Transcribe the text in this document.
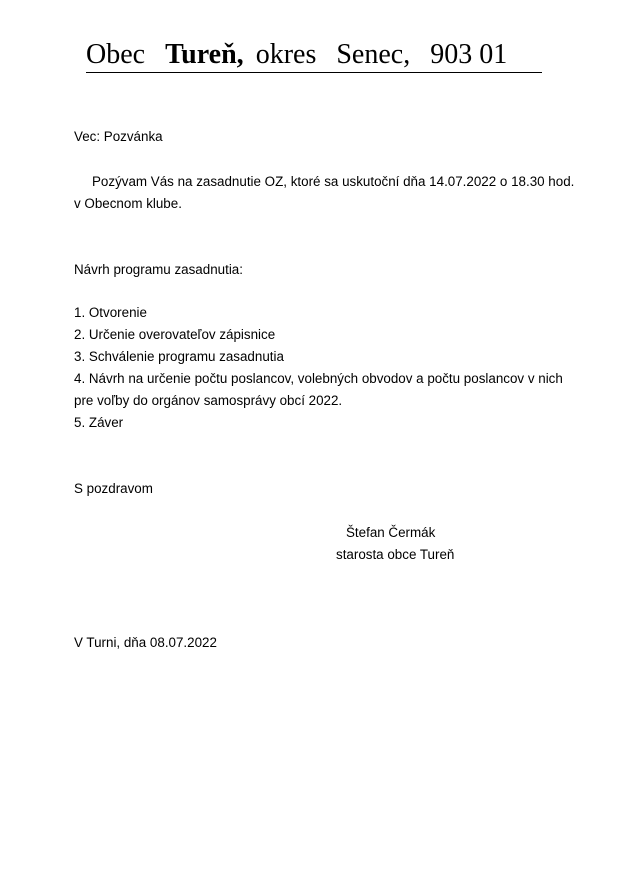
Obec Tureň, okres Senec, 903 01
Vec: Pozvánka
Pozývam Vás na zasadnutie OZ, ktoré sa uskutoční dňa 14.07.2022 o 18.30 hod.
v Obecnom klube.
Návrh programu zasadnutia:
1. Otvorenie
2. Určenie overovateľov zápisnice
3. Schválenie programu zasadnutia
4. Návrh na určenie počtu poslancov, volebných obvodov a počtu poslancov v nich
pre voľby do orgánov samosprávy obcí 2022.
5. Záver
S pozdravom
Štefan Čermák
starosta obce Tureň
V Turni, dňa 08.07.2022
